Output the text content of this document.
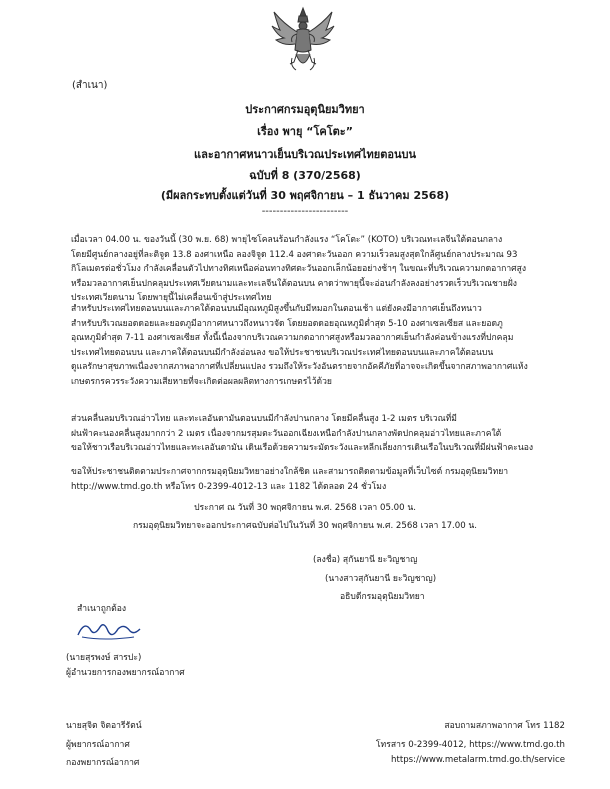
(สำเนา)
ประกาศกรมอุตุนิยมวิทยา
เรื่อง พายุ “โคโตะ”
และอากาศหนาวเย็นบริเวณประเทศไทยตอนบน
ฉบับที่ 8 (370/2568)
(มีผลกระทบตั้งแต่วันที่ 30 พฤศจิกายน – 1 ธันวาคม 2568)
------------------------
เมื่อเวลา 04.00 น. ของวันนี้ (30 พ.ย. 68) พายุไซโคลนร้อนกำลังแรง “โคโตะ” (KOTO) บริเวณทะเลจีนใต้ตอนกลาง
โดยมีศูนย์กลางอยู่ที่ละติจูด 13.8 องศาเหนือ ลองจิจูด 112.4 องศาตะวันออก ความเร็วลมสูงสุดใกล้ศูนย์กลางประมาณ 93
กิโลเมตรต่อชั่วโมง กำลังเคลื่อนตัวไปทางทิศเหนือค่อนทางทิศตะวันออกเล็กน้อยอย่างช้าๆ ในขณะที่บริเวณความกดอากาศสูง
หรือมวลอากาศเย็นปกคลุมประเทศเวียดนามและทะเลจีนใต้ตอนบน คาดว่าพายุนี้จะอ่อนกำลังลงอย่างรวดเร็วบริเวณชายฝั่ง
ประเทศเวียดนาม โดยพายุนี้ไม่เคลื่อนเข้าสู่ประเทศไทย
สำหรับประเทศไทยตอนบนและภาคใต้ตอนบนมีอุณหภูมิสูงขึ้นกับมีหมอกในตอนเช้า แต่ยังคงมีอากาศเย็นถึงหนาว
สำหรับบริเวณยอดดอยและยอดภูมีอากาศหนาวถึงหนาวจัด โดยยอดดอยอุณหภูมิต่ำสุด 5-10 องศาเซลเซียส และยอดภู
อุณหภูมิต่ำสุด 7-11 องศาเซลเซียส ทั้งนี้เนื่องจากบริเวณความกดอากาศสูงหรือมวลอากาศเย็นกำลังค่อนข้างแรงที่ปกคลุม
ประเทศไทยตอนบน และภาคใต้ตอนบนมีกำลังอ่อนลง ขอให้ประชาชนบริเวณประเทศไทยตอนบนและภาคใต้ตอนบน
ดูแลรักษาสุขภาพเนื่องจากสภาพอากาศที่เปลี่ยนแปลง รวมถึงให้ระวังอันตรายจากอัคคีภัยที่อาจจะเกิดขึ้นจากสภาพอากาศแห้ง
เกษตรกรควรระวังความเสียหายที่จะเกิดต่อผลผลิตทางการเกษตรไว้ด้วย
ส่วนคลื่นลมบริเวณอ่าวไทย และทะเลอันดามันตอนบนมีกำลังปานกลาง โดยมีคลื่นสูง 1-2 เมตร บริเวณที่มี
ฝนฟ้าคะนองคลื่นสูงมากกว่า 2 เมตร เนื่องจากมรสุมตะวันออกเฉียงเหนือกำลังปานกลางพัดปกคลุมอ่าวไทยและภาคใต้
ขอให้ชาวเรือบริเวณอ่าวไทยและทะเลอันดามัน เดินเรือด้วยความระมัดระวังและหลีกเลี่ยงการเดินเรือในบริเวณที่มีฝนฟ้าคะนอง
ขอให้ประชาชนติดตามประกาศจากกรมอุตุนิยมวิทยาอย่างใกล้ชิด และสามารถติดตามข้อมูลที่เว็บไซต์ กรมอุตุนิยมวิทยา
http://www.tmd.go.th หรือโทร 0-2399-4012-13 และ 1182 ได้ตลอด 24 ชั่วโมง
ประกาศ ณ วันที่ 30 พฤศจิกายน พ.ศ. 2568 เวลา 05.00 น.
กรมอุตุนิยมวิทยาจะออกประกาศฉบับต่อไปในวันที่ 30 พฤศจิกายน พ.ศ. 2568 เวลา 17.00 น.
(ลงชื่อ) สุกันยานี ยะวิญชาญ
(นางสาวสุกันยานี ยะวิญชาญ)
อธิบดีกรมอุตุนิยมวิทยา
สำเนาถูกต้อง
(นายสุรพงษ์ สารปะ)
ผู้อำนวยการกองพยากรณ์อากาศ
นายสุจิต จิตอารีรัตน์
ผู้พยากรณ์อากาศ
กองพยากรณ์อากาศ
สอบถามสภาพอากาศ โทร 1182
โทรสาร 0-2399-4012, https://www.tmd.go.th
https://www.metalarm.tmd.go.th/service
